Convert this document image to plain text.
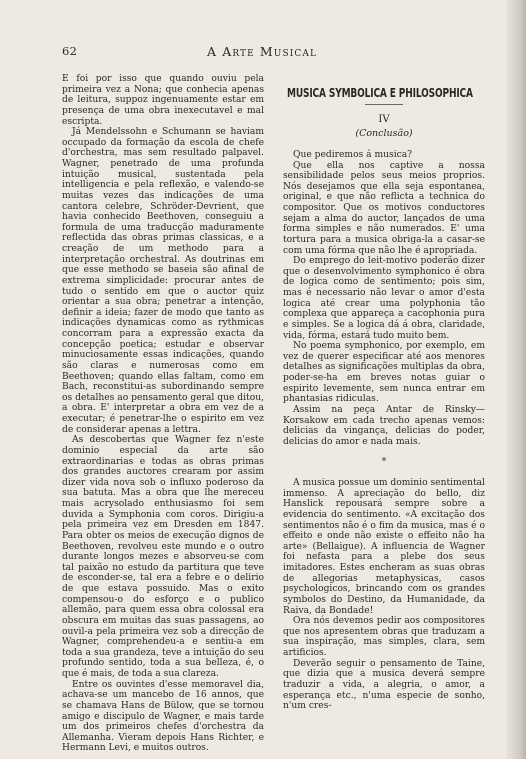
62	A Arte Musical

E foi por isso que quando ouviu pela primeira vez a Nona; que conhecia apenas de leitura, suppoz ingenuamente estar em presença de uma obra inexecutavel e mal escripta.

Já Mendelssohn e Schumann se haviam occupado da formação da escola de chefe d'orchestra, mas sem resultado palpavel. Wagner, penetrado de uma profunda intuição musical, sustentada pela intelligencia e pela reflexão, e valendo-se muitas vezes das indicações de uma cantora celebre, Schröder-Devrient, que havia conhecido Beethoven, conseguiu a formula de uma traducção maduramente reflectida das obras primas classicas, e a creação de um methodo para a interpretação orchestral. As doutrinas em que esse methodo se baseia são afinal de extrema simplicidade: procurar antes de tudo o sentido em que o auctor quiz orientar a sua obra; penetrar a intenção, definir a ideia; fazer de modo que tanto as indicações dynamicas como as rythmicas concorram para a expressão exacta da concepção poetica; estudar e observar minuciosamente essas indicações, quando são claras e numerosas como em Beethoven; quando ellas faltam, como em Bach, reconstitui-as subordinando sempre os detalhes ao pensamento geral que ditou, a obra. E' interpretar a obra em vez de a executar; é penetrar-lhe o espirito em vez de considerar apenas a lettra.

As descobertas que Wagner fez n'este dominio especial da arte são extraordinarias e todas as obras primas dos grandes auctores crearam por assim dizer vida nova sob o influxo poderoso da sua batuta. Mas a obra que lhe mereceu mais acrysolado enthusiasmo foi sem duvida a Symphonia com coros. Dirigiu-a pela primeira vez em Dresden em 1847. Para obter os meios de execução dignos de Beethoven, revolveu este mundo e o outro durante longos mezes e absorveu-se com tal paixão no estudo da partitura que teve de esconder-se, tal era a febre e o delirio de que estava possuido. Mas o exito compensou-o do esforço e o publico allemão, para quem essa obra colossal era obscura em muitas das suas passagens, ao ouvil-a pela primeira vez sob a direcção de Wagner, comprehendeu-a e sentiu-a em toda a sua grandeza, teve a intuição do seu profundo sentido, toda a sua belleza, é, o que é mais, de toda a sua clareza.

Entre os ouvintes d'esse memoravel dia, achava-se um mancebo de 16 annos, que se chamava Hans de Bülow, que se tornou amigo e discipulo de Wagner, e mais tarde um dos primeiros chefes d'orchestra da Allemanha. Vieram depois Hans Richter, e Hermann Levi, e muitos outros.

MUSICA SYMBOLICA E PHILOSOPHICA
IV
(Conclusão)

Que pediremos á musica?

Que ella nos captive a nossa sensibilidade pelos seus meios proprios. Nós desejamos que ella seja espontanea, original, e que não reflicta a technica do compositor. Que os motivos conductores sejam a alma do auctor, lançados de uma forma simples e não numerados. E' uma tortura para a musica obriga-la a casar-se com uma fórma que não lhe é apropriada.

Do emprego do leit-motivo poderão dizer que o desenvolvimento symphonico é obra de logica como de sentimento; pois sim, mas é necessario não levar o amor d'esta logica até crear uma polyphonia tão complexa que appareça a cacophonia pura e simples. Se a logica dá á obra, claridade, vida, fórma, estará tudo muito bem.

No poema symphonico, por exemplo, em vez de querer especificar até aos menores detalhes as significações multiplas da obra, poder-se-ha em breves notas guiar o espirito levemente, sem nunca entrar em phantasias ridiculas.

Assim na peça Antar de Rinsky—Korsakow em cada trecho apenas vemos: delicias da vingança, delicias do poder, delicias do amor e nada mais.

*

A musica possue um dominio sentimental immenso. A apreciação do bello, diz Hanslick repousará sempre sobre a evidencia do sentimento. «A excitação dos sentimentos não é o fim da musica, mas é o effeito e onde não existe o effeito não ha arte» (Bellaigue). A influencia de Wagner foi nefasta para a plebe dos seus imitadores. Estes encheram as suas obras de allegorias metaphysicas, casos psychologicos, brincando com os grandes symbolos do Destino, da Humanidade, da Raiva, da Bondade!

Ora nós devemos pedir aos compositores que nos apresentem obras que traduzam a sua inspiração, mas simples, clara, sem artificios.

Deverão seguir o pensamento de Taine, que dizia que a musica deverá sempre traduzir a vida, a alegria, o amor, a esperança etc., n'uma especie de sonho, n'um cres-
